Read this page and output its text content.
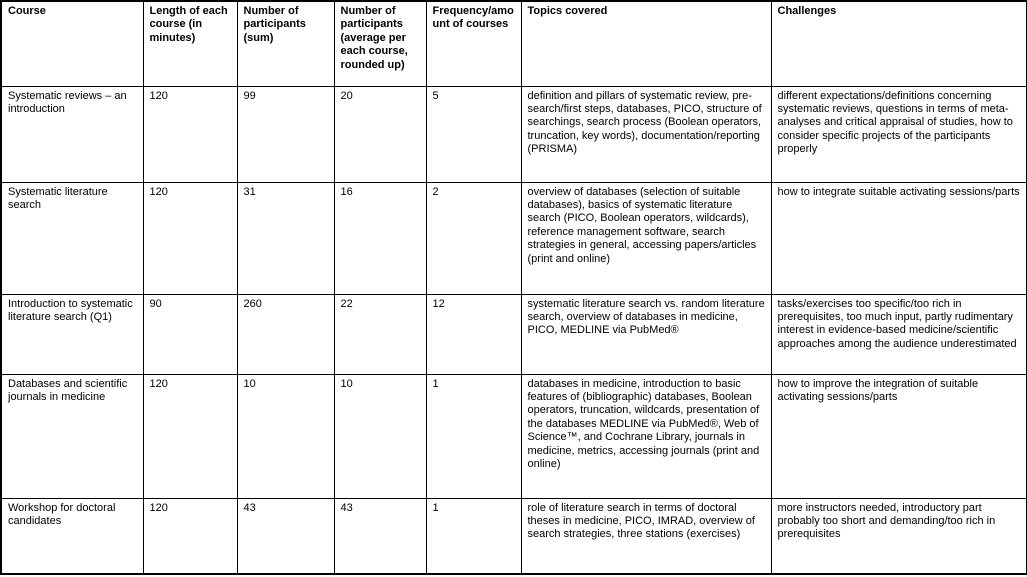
Course	Length of each course (in minutes)	Number of participants (sum)	Number of participants (average per each course, rounded up)	Frequency/amount of courses	Topics covered	Challenges
Systematic reviews – an introduction	120	99	20	5	definition and pillars of systematic review, pre-search/first steps, databases, PICO, structure of searchings, search process (Boolean operators, truncation, key words), documentation/reporting (PRISMA)	different expectations/definitions concerning systematic reviews, questions in terms of meta-analyses and critical appraisal of studies, how to consider specific projects of the participants properly
Systematic literature search	120	31	16	2	overview of databases (selection of suitable databases), basics of systematic literature search (PICO, Boolean operators, wildcards), reference management software, search strategies in general, accessing papers/articles (print and online)	how to integrate suitable activating sessions/parts
Introduction to systematic literature search (Q1)	90	260	22	12	systematic literature search vs. random literature search, overview of databases in medicine, PICO, MEDLINE via PubMed®	tasks/exercises too specific/too rich in prerequisites, too much input, partly rudimentary interest in evidence-based medicine/scientific approaches among the audience underestimated
Databases and scientific journals in medicine	120	10	10	1	databases in medicine, introduction to basic features of (bibliographic) databases, Boolean operators, truncation, wildcards, presentation of the databases MEDLINE via PubMed®, Web of Science™, and Cochrane Library, journals in medicine, metrics, accessing journals (print and online)	how to improve the integration of suitable activating sessions/parts
Workshop for doctoral candidates	120	43	43	1	role of literature search in terms of doctoral theses in medicine, PICO, IMRAD, overview of search strategies, three stations (exercises)	more instructors needed, introductory part probably too short and demanding/too rich in prerequisites
